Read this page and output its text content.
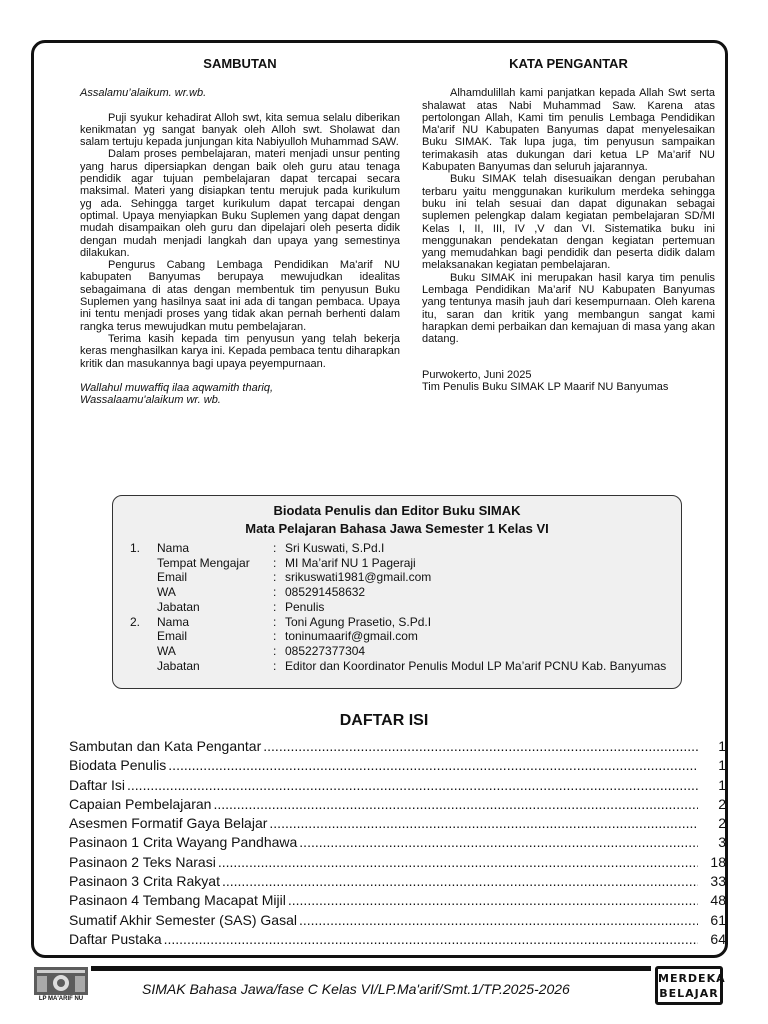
SAMBUTAN

Assalamu’alaikum. wr.wb.

Puji syukur kehadirat Alloh swt, kita semua selalu diberikan kenikmatan yg sangat banyak oleh Alloh swt. Sholawat dan salam tertuju kepada junjungan kita Nabiyulloh Muhammad SAW.

Dalam proses pembelajaran, materi menjadi unsur penting yang harus dipersiapkan dengan baik oleh guru atau tenaga pendidik agar tujuan pembelajaran dapat tercapai secara maksimal. Materi yang disiapkan tentu merujuk pada kurikulum yg ada. Sehingga target kurikulum dapat tercapai dengan optimal. Upaya menyiapkan Buku Suplemen yang dapat dengan mudah disampaikan oleh guru dan dipelajari oleh peserta didik dengan mudah menjadi langkah dan upaya yang semestinya dilakukan.

Pengurus Cabang Lembaga Pendidikan Ma'arif NU kabupaten Banyumas berupaya mewujudkan idealitas sebagaimana di atas dengan membentuk tim penyusun Buku Suplemen yang hasilnya saat ini ada di tangan pembaca. Upaya ini tentu menjadi proses yang tidak akan pernah berhenti dalam rangka terus mewujudkan mutu pembelajaran.

Terima kasih kepada tim penyusun yang telah bekerja keras menghasilkan karya ini. Kepada pembaca tentu diharapkan kritik dan masukannya bagi upaya peyempurnaan.

Wallahul muwaffiq ilaa aqwamith thariq,

Wassalaamu'alaikum wr. wb.

KATA PENGANTAR

Alhamdulillah kami panjatkan kepada Allah Swt serta shalawat atas Nabi Muhammad Saw. Karena atas pertolongan Allah, Kami tim penulis Lembaga Pendidikan Ma'arif NU Kabupaten Banyumas dapat menyelesaikan Buku SIMAK. Tak lupa juga, tim penyusun sampaikan terimakasih atas dukungan dari ketua LP Ma’arif NU Kabupaten Banyumas dan seluruh jajarannya.

Buku SIMAK telah disesuaikan dengan perubahan terbaru yaitu menggunakan kurikulum merdeka sehingga buku ini telah sesuai dan dapat digunakan sebagai suplemen pelengkap dalam kegiatan pembelajaran SD/MI Kelas I, II, III, IV ,V dan VI. Sistematika buku ini menggunakan pendekatan dengan kegiatan pertemuan yang memudahkan bagi pendidik dan peserta didik dalam melaksanakan kegiatan pembelajaran.

Buku SIMAK ini merupakan hasil karya tim penulis Lembaga Pendidikan Ma’arif NU Kabupaten Banyumas yang tentunya masih jauh dari kesempurnaan. Oleh karena itu, saran dan kritik yang membangun sangat kami harapkan demi perbaikan dan kemajuan di masa yang akan datang.

Purwokerto, Juni 2025

Tim Penulis Buku SIMAK LP Maarif NU Banyumas

Biodata Penulis dan Editor Buku SIMAK
Mata Pelajaran Bahasa Jawa Semester 1 Kelas VI
1.	Nama	:	Sri Kuswati, S.Pd.I
	Tempat Mengajar	:	MI Ma’arif NU 1 Pageraji
	Email	:	srikuswati1981@gmail.com
	WA	:	085291458632
	Jabatan	:	Penulis
2.	Nama	:	Toni Agung Prasetio, S.Pd.I
	Email	:	toninumaarif@gmail.com
	WA	:	085227377304
	Jabatan	:	Editor dan Koordinator Penulis Modul LP Ma’arif PCNU Kab. Banyumas
DAFTAR ISI
Sambutan dan Kata Pengantar .....	1
Biodata Penulis .....	1
Daftar Isi .....	1
Capaian Pembelajaran .....	2
Asesmen Formatif Gaya Belajar .....	2
Pasinaon 1 Crita Wayang Pandhawa .....	3
Pasinaon 2 Teks Narasi .....	18
Pasinaon 3 Crita Rakyat .....	33
Pasinaon 4 Tembang Macapat Mijil .....	48
Sumatif Akhir Semester (SAS) Gasal .....	61
Daftar Pustaka .....	64
LP MA'ARIF NU
SIMAK Bahasa Jawa/fase C Kelas VI/LP.Ma'arif/Smt.1/TP.2025-2026
MERDEKA
BELAJAR
